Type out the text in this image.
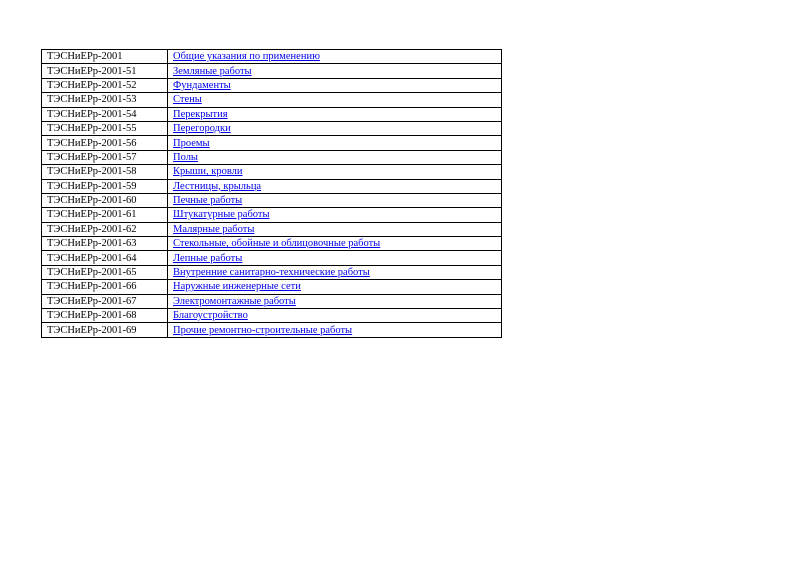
ТЭСНиЕРр-2001	Общие указания по применению
ТЭСНиЕРр-2001-51	Земляные работы
ТЭСНиЕРр-2001-52	Фундаменты
ТЭСНиЕРр-2001-53	Стены
ТЭСНиЕРр-2001-54	Перекрытия
ТЭСНиЕРр-2001-55	Перегородки
ТЭСНиЕРр-2001-56	Проемы
ТЭСНиЕРр-2001-57	Полы
ТЭСНиЕРр-2001-58	Крыши, кровли
ТЭСНиЕРр-2001-59	Лестницы, крыльца
ТЭСНиЕРр-2001-60	Печные работы
ТЭСНиЕРр-2001-61	Штукатурные работы
ТЭСНиЕРр-2001-62	Малярные работы
ТЭСНиЕРр-2001-63	Стекольные, обойные и облицовочные работы
ТЭСНиЕРр-2001-64	Лепные работы
ТЭСНиЕРр-2001-65	Внутренние санитарно-технические работы
ТЭСНиЕРр-2001-66	Наружные инженерные сети
ТЭСНиЕРр-2001-67	Электромонтажные работы
ТЭСНиЕРр-2001-68	Благоустройство
ТЭСНиЕРр-2001-69	Прочие ремонтно-строительные работы
